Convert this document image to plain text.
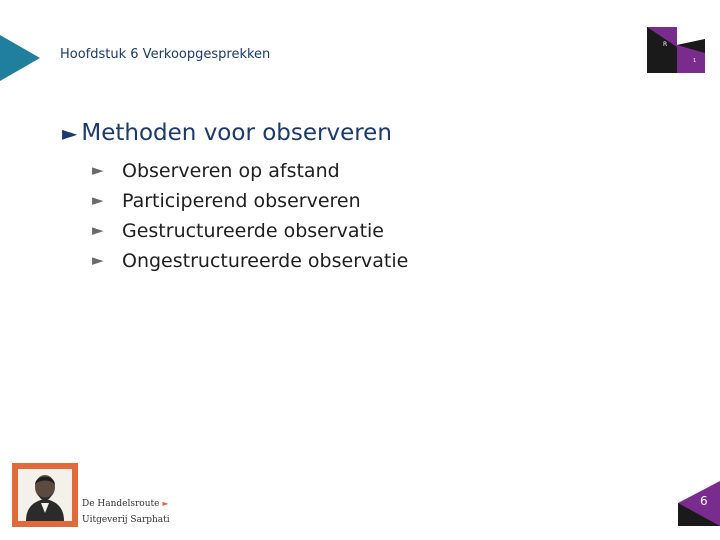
Hoofdstuk 6 Verkoopgesprekken
R
1
► Methoden voor observeren
► Observeren op afstand
► Participerend observeren
► Gestructureerde observatie
► Ongestructureerde observatie
De Handelsroute ►
Uitgeverij Sarphati
6
